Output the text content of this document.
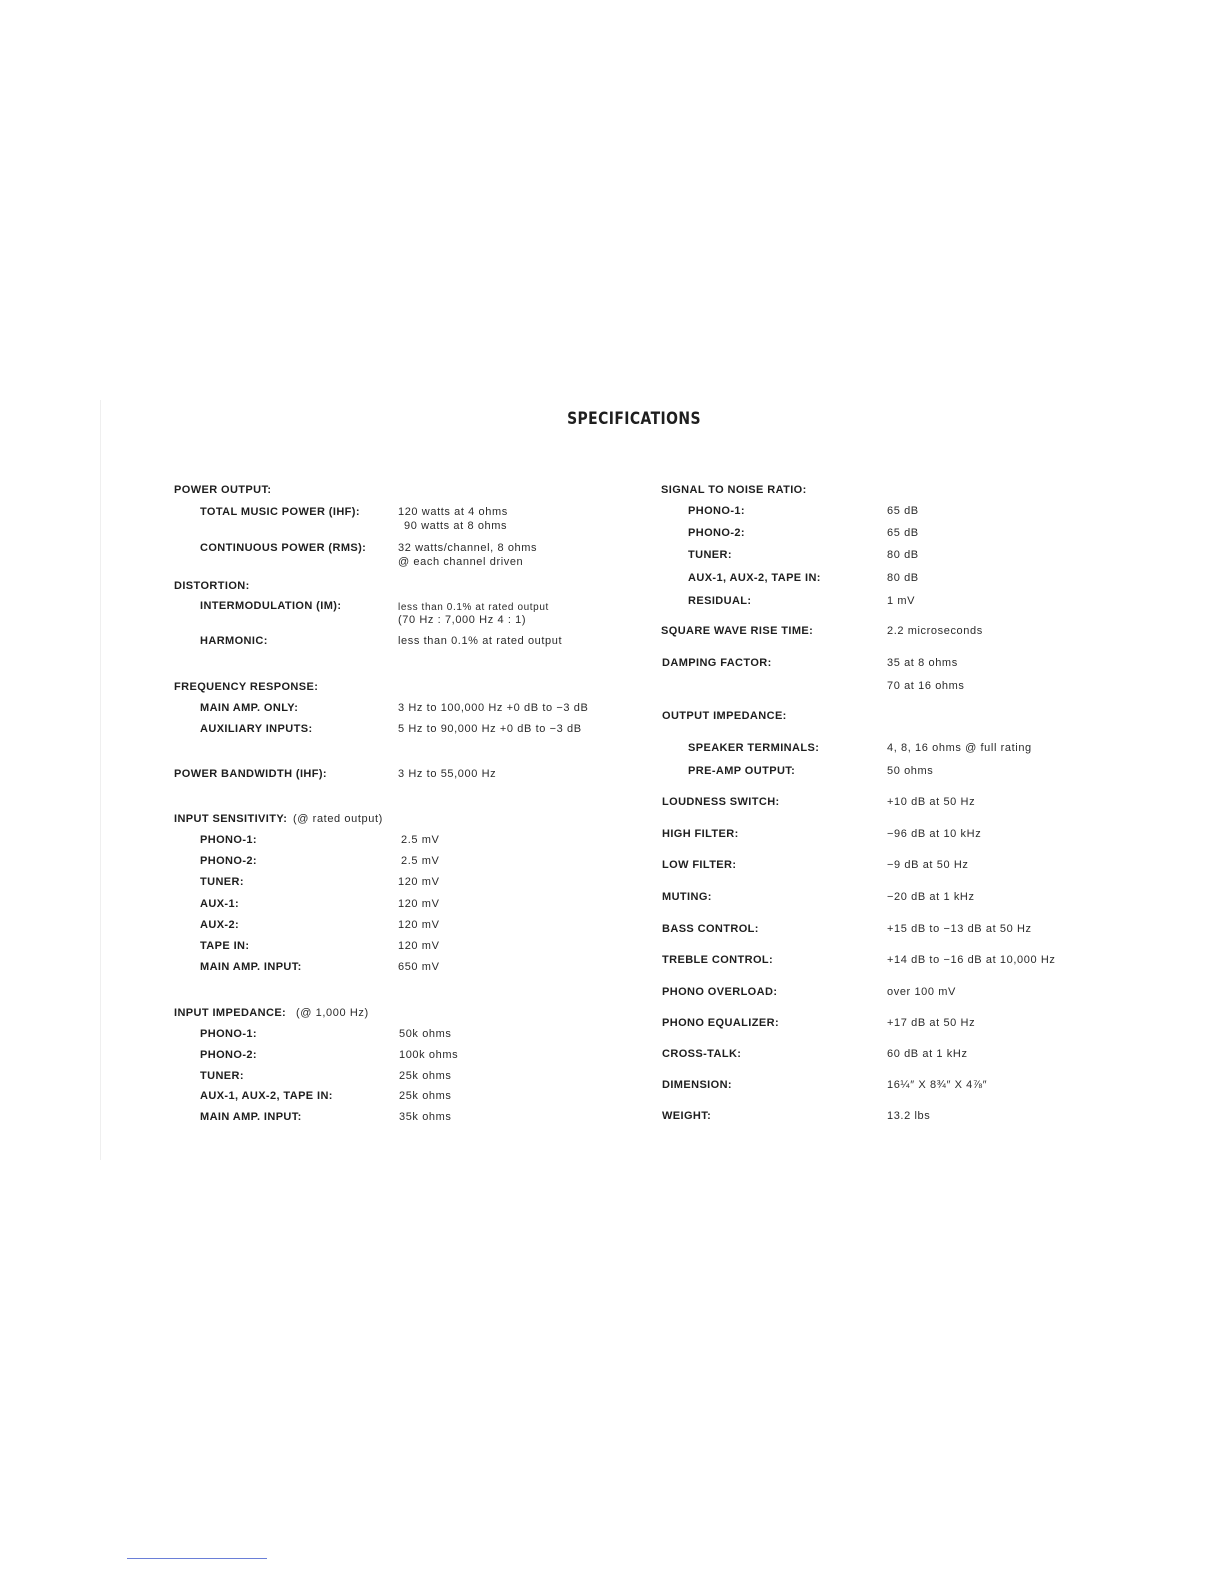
SPECIFICATIONS
POWER OUTPUT:
TOTAL MUSIC POWER (IHF):	120 watts at 4 ohms
90 watts at 8 ohms
CONTINUOUS POWER (RMS):	32 watts/channel, 8 ohms
@ each channel driven
DISTORTION:
INTERMODULATION (IM):	less than 0.1% at rated output
(70 Hz : 7,000 Hz 4 : 1)
HARMONIC:	less than 0.1% at rated output
FREQUENCY RESPONSE:
MAIN AMP. ONLY:	3 Hz to 100,000 Hz +0 dB to −3 dB
AUXILIARY INPUTS:	5 Hz to 90,000 Hz +0 dB to −3 dB
POWER BANDWIDTH (IHF):	3 Hz to 55,000 Hz
INPUT SENSITIVITY: (@ rated output)
PHONO-1:	2.5 mV
PHONO-2:	2.5 mV
TUNER:	120 mV
AUX-1:	120 mV
AUX-2:	120 mV
TAPE IN:	120 mV
MAIN AMP. INPUT:	650 mV
INPUT IMPEDANCE: (@ 1,000 Hz)
PHONO-1:	50k ohms
PHONO-2:	100k ohms
TUNER:	25k ohms
AUX-1, AUX-2, TAPE IN:	25k ohms
MAIN AMP. INPUT:	35k ohms
SIGNAL TO NOISE RATIO:
PHONO-1:	65 dB
PHONO-2:	65 dB
TUNER:	80 dB
AUX-1, AUX-2, TAPE IN:	80 dB
RESIDUAL:	1 mV
SQUARE WAVE RISE TIME:	2.2 microseconds
DAMPING FACTOR:	35 at 8 ohms
70 at 16 ohms
OUTPUT IMPEDANCE:
SPEAKER TERMINALS:	4, 8, 16 ohms @ full rating
PRE-AMP OUTPUT:	50 ohms
LOUDNESS SWITCH:	+10 dB at 50 Hz
HIGH FILTER:	−96 dB at 10 kHz
LOW FILTER:	−9 dB at 50 Hz
MUTING:	−20 dB at 1 kHz
BASS CONTROL:	+15 dB to −13 dB at 50 Hz
TREBLE CONTROL:	+14 dB to −16 dB at 10,000 Hz
PHONO OVERLOAD:	over 100 mV
PHONO EQUALIZER:	+17 dB at 50 Hz
CROSS-TALK:	60 dB at 1 kHz
DIMENSION:	16¼″ X 8¾″ X 4⅞″
WEIGHT:	13.2 lbs
